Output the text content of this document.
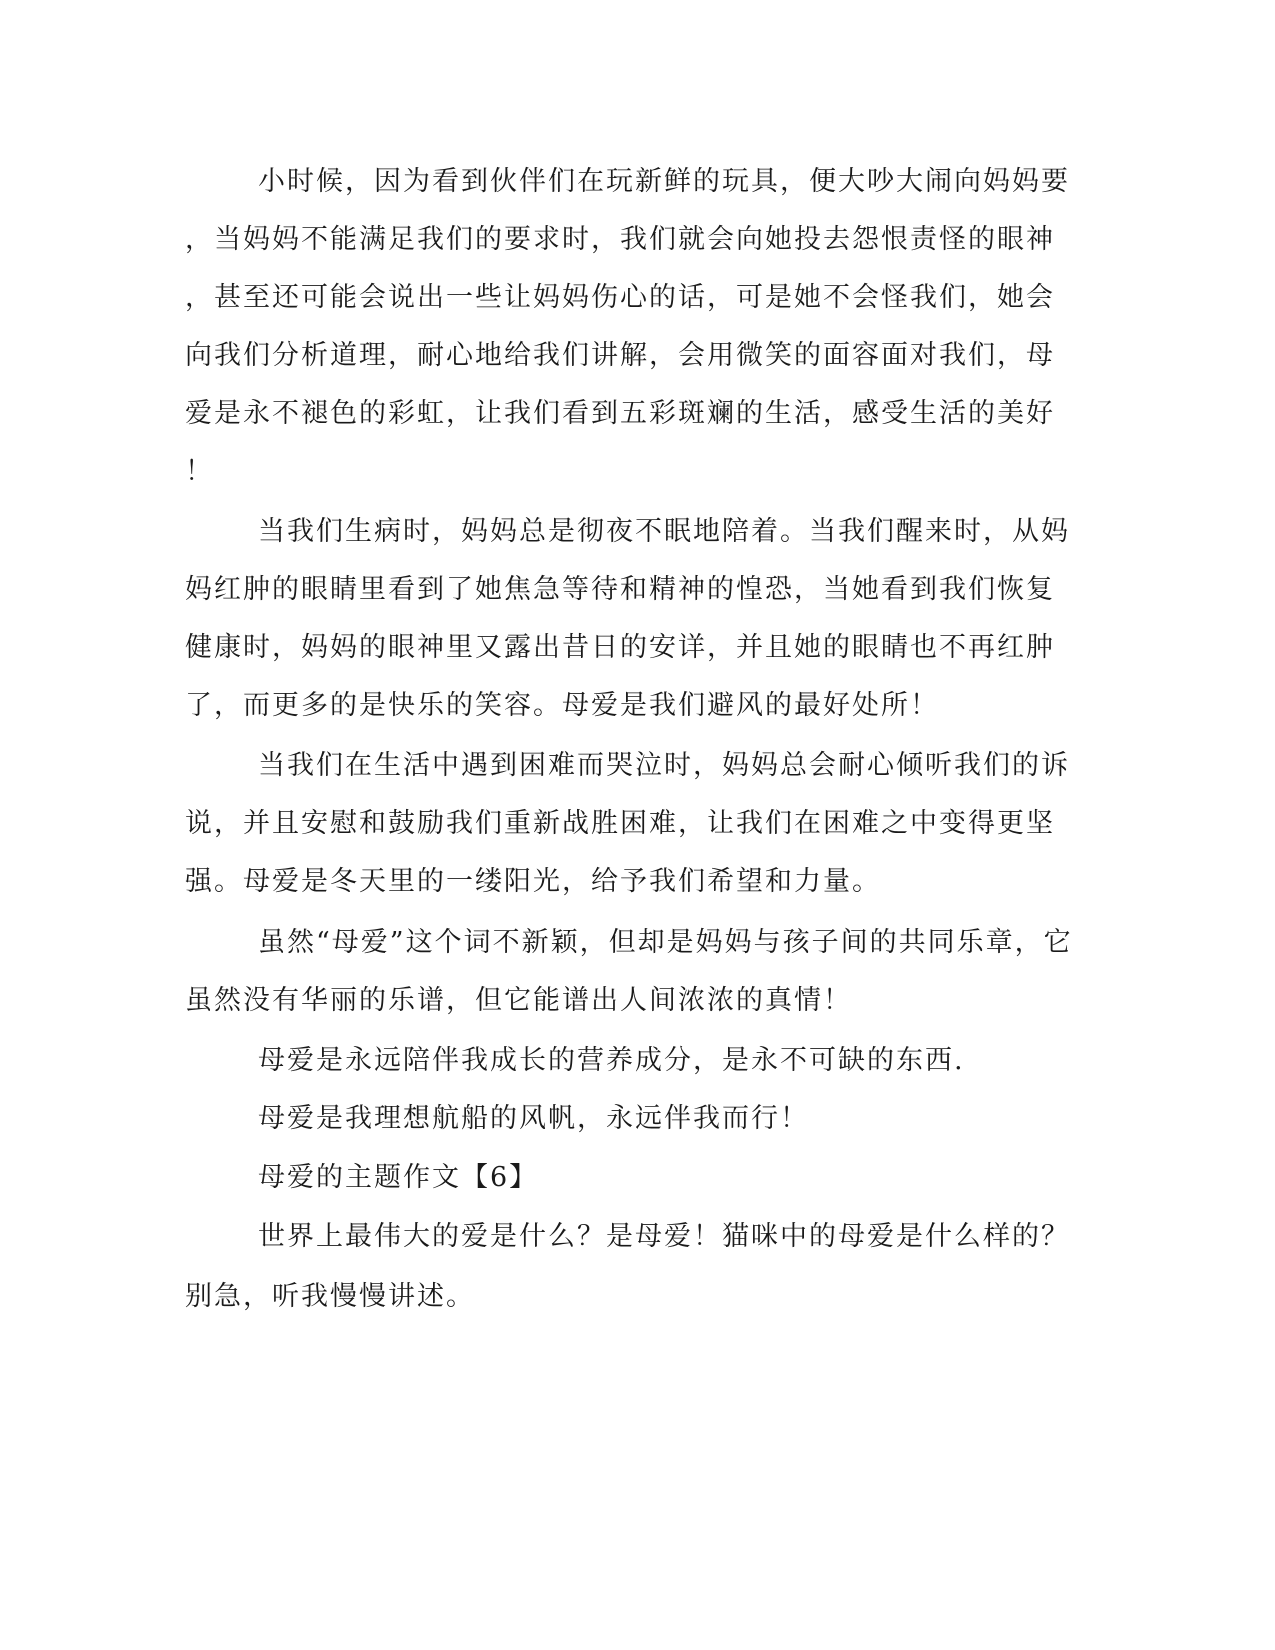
小时候，因为看到伙伴们在玩新鲜的玩具，便大吵大闹向妈妈要
，当妈妈不能满足我们的要求时，我们就会向她投去怨恨责怪的眼神
，甚至还可能会说出一些让妈妈伤心的话，可是她不会怪我们，她会
向我们分析道理，耐心地给我们讲解，会用微笑的面容面对我们，母
爱是永不褪色的彩虹，让我们看到五彩斑斓的生活，感受生活的美好
！
当我们生病时，妈妈总是彻夜不眠地陪着。当我们醒来时，从妈
妈红肿的眼睛里看到了她焦急等待和精神的惶恐，当她看到我们恢复
健康时，妈妈的眼神里又露出昔日的安详，并且她的眼睛也不再红肿
了，而更多的是快乐的笑容。母爱是我们避风的最好处所！
当我们在生活中遇到困难而哭泣时，妈妈总会耐心倾听我们的诉
说，并且安慰和鼓励我们重新战胜困难，让我们在困难之中变得更坚
强。母爱是冬天里的一缕阳光，给予我们希望和力量。
虽然“母爱”这个词不新颖，但却是妈妈与孩子间的共同乐章，它
虽然没有华丽的乐谱，但它能谱出人间浓浓的真情！
母爱是永远陪伴我成长的营养成分，是永不可缺的东西.
母爱是我理想航船的风帆，永远伴我而行！
母爱的主题作文【6】
世界上最伟大的爱是什么？是母爱！猫咪中的母爱是什么样的？
别急，听我慢慢讲述。
